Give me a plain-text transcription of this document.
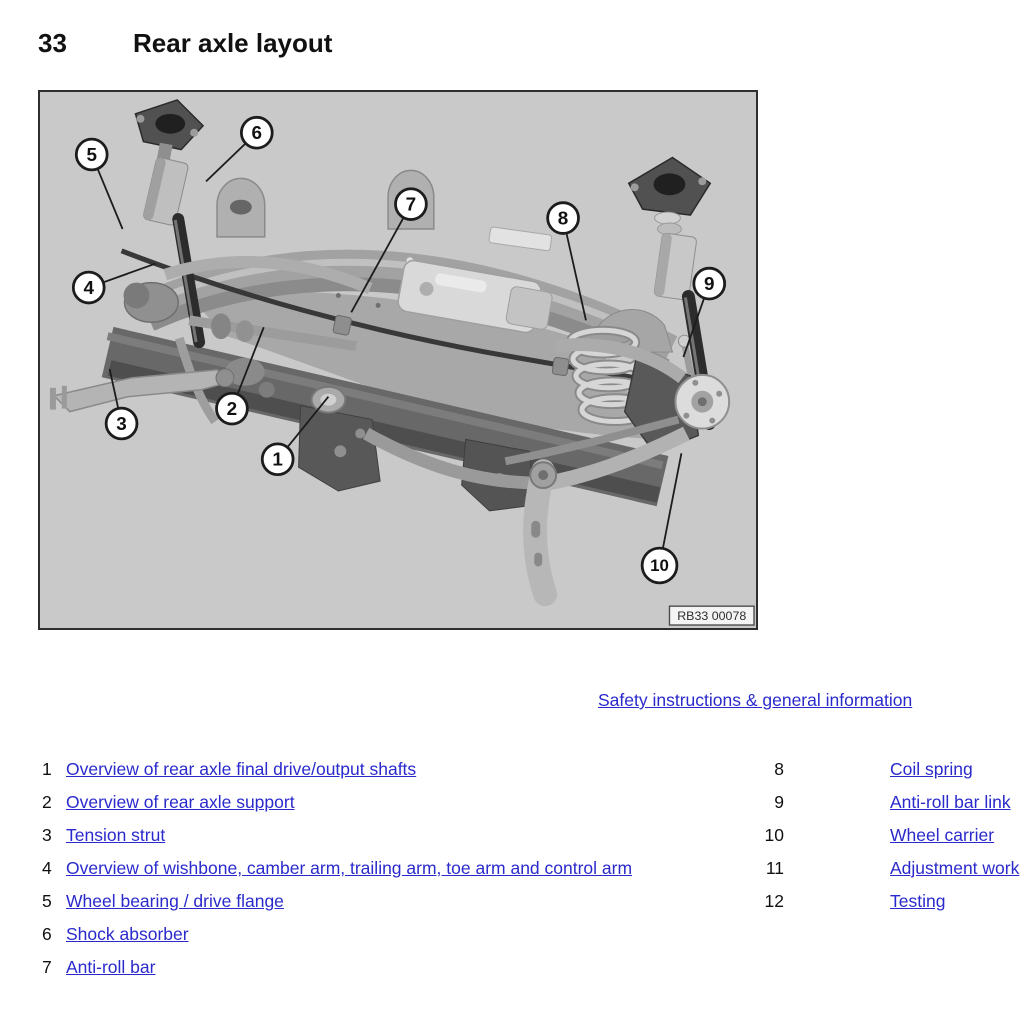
33	Rear axle layout
1
2
3
4
5
6
7
8
9
10
RB33 00078
Safety instructions & general information
1 Overview of rear axle final drive/output shafts
2 Overview of rear axle support
3 Tension strut
4 Overview of wishbone, camber arm, trailing arm, toe arm and control arm
5 Wheel bearing / drive flange
6 Shock absorber
7 Anti-roll bar
8	Coil spring
9	Anti-roll bar link
10	Wheel carrier
11	Adjustment work
12	Testing
